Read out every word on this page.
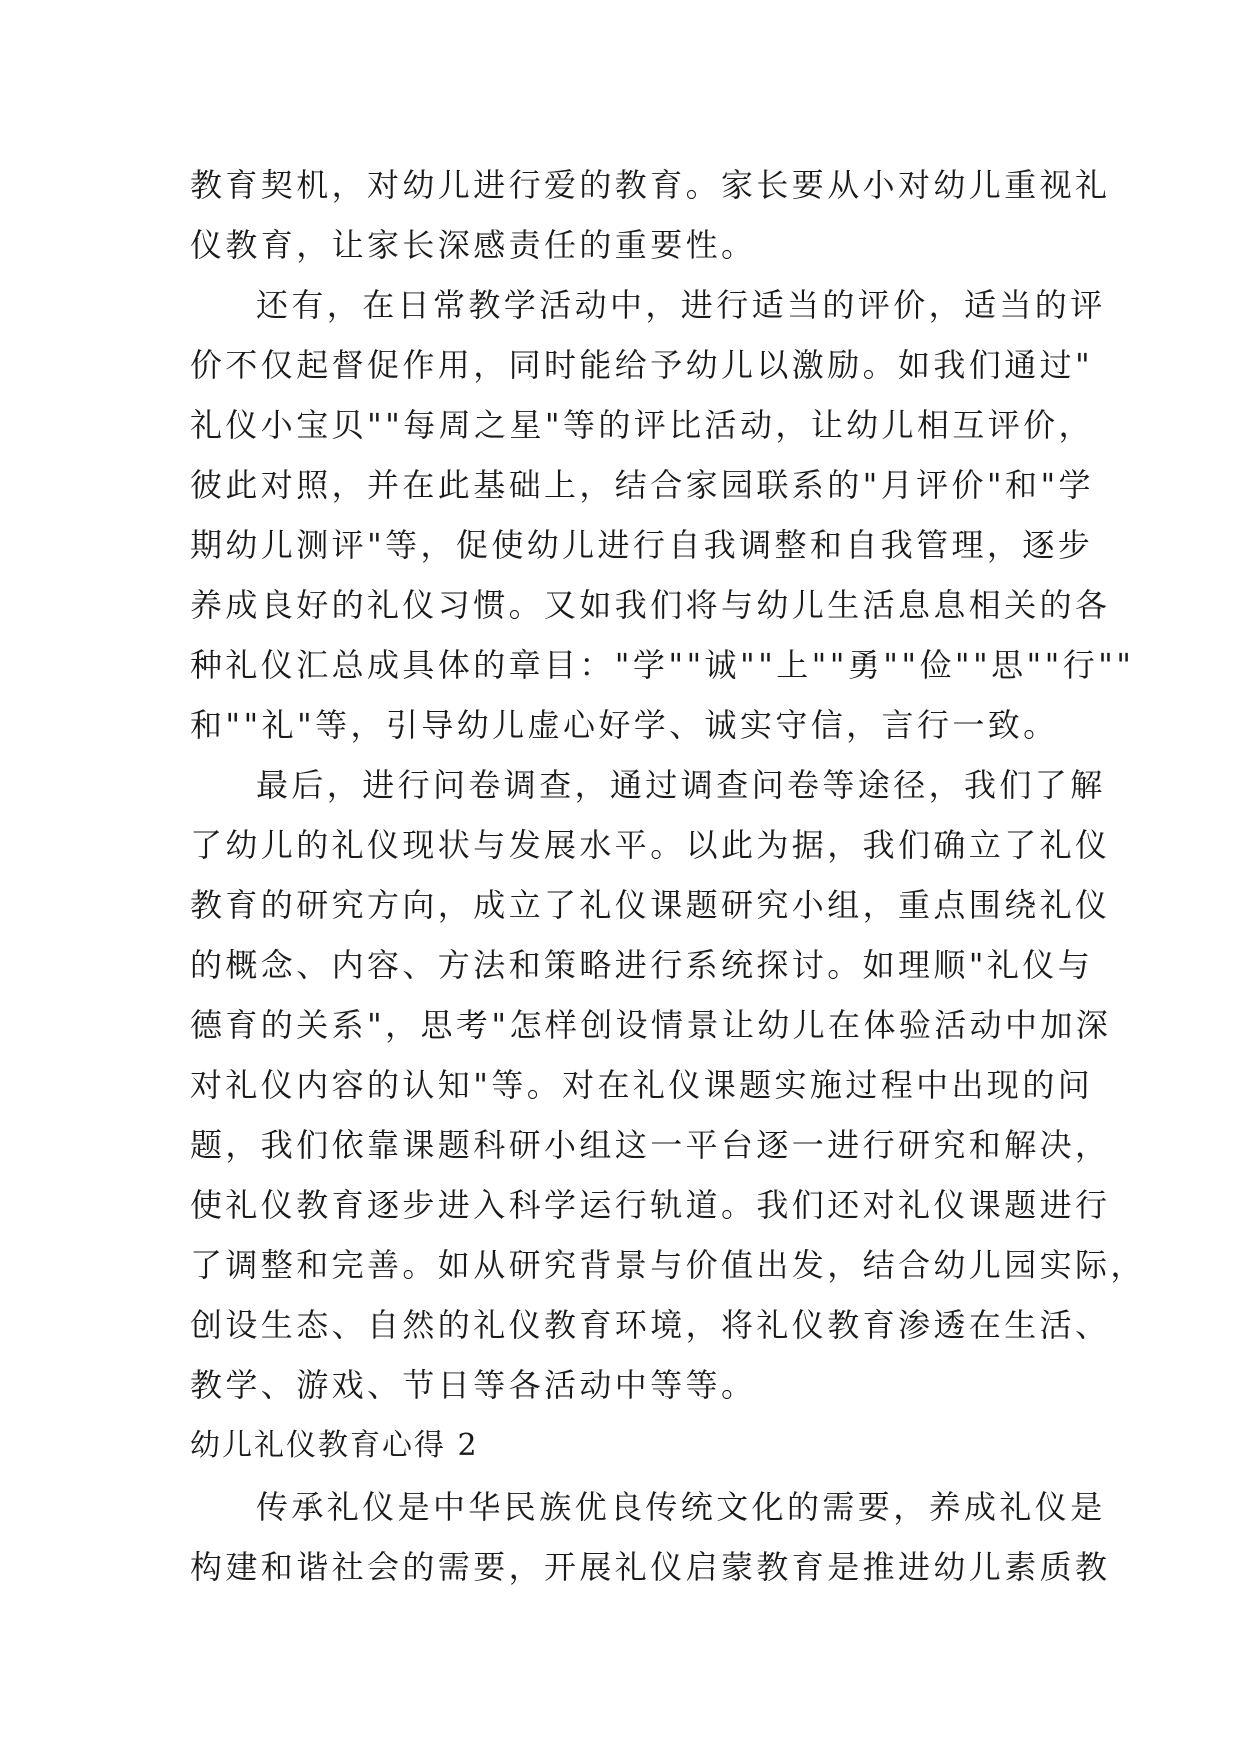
教育契机，对幼儿进行爱的教育。家长要从小对幼儿重视礼
仪教育，让家长深感责任的重要性。
还有，在日常教学活动中，进行适当的评价，适当的评
价不仅起督促作用，同时能给予幼儿以激励。如我们通过"
礼仪小宝贝""每周之星"等的评比活动，让幼儿相互评价，
彼此对照，并在此基础上，结合家园联系的"月评价"和"学
期幼儿测评"等，促使幼儿进行自我调整和自我管理，逐步
养成良好的礼仪习惯。又如我们将与幼儿生活息息相关的各
种礼仪汇总成具体的章目："学""诚""上""勇""俭""思""行""
和""礼"等，引导幼儿虚心好学、诚实守信，言行一致。
最后，进行问卷调查，通过调查问卷等途径，我们了解
了幼儿的礼仪现状与发展水平。以此为据，我们确立了礼仪
教育的研究方向，成立了礼仪课题研究小组，重点围绕礼仪
的概念、内容、方法和策略进行系统探讨。如理顺"礼仪与
德育的关系"，思考"怎样创设情景让幼儿在体验活动中加深
对礼仪内容的认知"等。对在礼仪课题实施过程中出现的问
题，我们依靠课题科研小组这一平台逐一进行研究和解决，
使礼仪教育逐步进入科学运行轨道。我们还对礼仪课题进行
了调整和完善。如从研究背景与价值出发，结合幼儿园实际，
创设生态、自然的礼仪教育环境，将礼仪教育渗透在生活、
教学、游戏、节日等各活动中等等。
幼儿礼仪教育心得 2
传承礼仪是中华民族优良传统文化的需要，养成礼仪是
构建和谐社会的需要，开展礼仪启蒙教育是推进幼儿素质教
